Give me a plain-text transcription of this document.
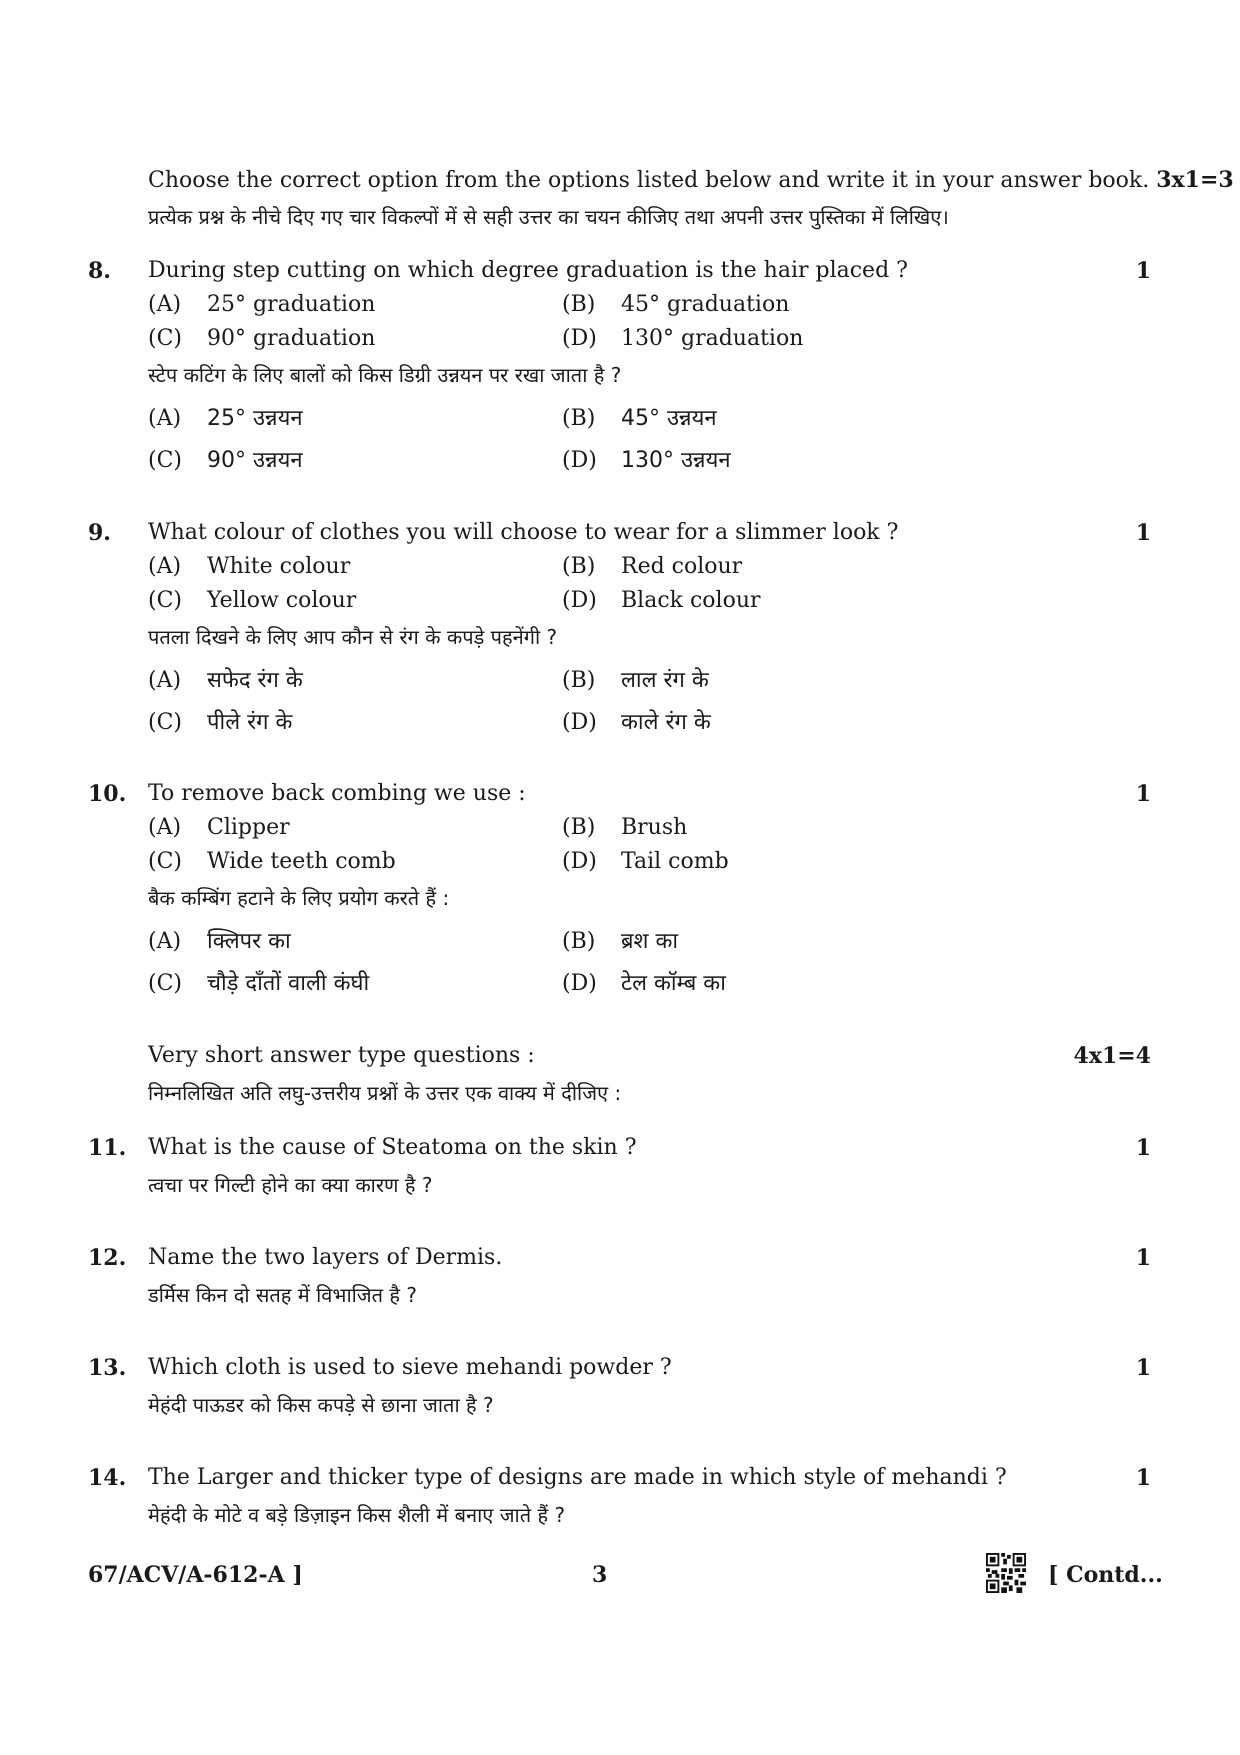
Choose the correct option from the options listed below and write it in your answer book. 3x1=3
प्रत्येक प्रश्न के नीचे दिए गए चार विकल्पों में से सही उत्तर का चयन कीजिए तथा अपनी उत्तर पुस्तिका में लिखिए।
8. During step cutting on which degree graduation is the hair placed ?	1
(A) 25° graduation	(B) 45° graduation
(C) 90° graduation	(D) 130° graduation
स्टेप कटिंग के लिए बालों को किस डिग्री उन्नयन पर रखा जाता है ?
(A) 25° उन्नयन	(B) 45° उन्नयन
(C) 90° उन्नयन	(D) 130° उन्नयन
9. What colour of clothes you will choose to wear for a slimmer look ?	1
(A) White colour	(B) Red colour
(C) Yellow colour	(D) Black colour
पतला दिखने के लिए आप कौन से रंग के कपड़े पहनेंगी ?
(A) सफेद रंग के	(B) लाल रंग के
(C) पीले रंग के	(D) काले रंग के
10. To remove back combing we use :	1
(A) Clipper	(B) Brush
(C) Wide teeth comb	(D) Tail comb
बैक कम्बिंग हटाने के लिए प्रयोग करते हैं :
(A) क्लिपर का	(B) ब्रश का
(C) चौड़े दाँतों वाली कंघी	(D) टेल कॉम्ब का
Very short answer type questions :	4x1=4
निम्नलिखित अति लघु-उत्तरीय प्रश्नों के उत्तर एक वाक्य में दीजिए :
11. What is the cause of Steatoma on the skin ?	1
त्वचा पर गिल्टी होने का क्या कारण है ?
12. Name the two layers of Dermis.	1
डर्मिस किन दो सतह में विभाजित है ?
13. Which cloth is used to sieve mehandi powder ?	1
मेहंदी पाऊडर को किस कपड़े से छाना जाता है ?
14. The Larger and thicker type of designs are made in which style of mehandi ?	1
मेहंदी के मोटे व बड़े डिज़ाइन किस शैली में बनाए जाते हैं ?
67/ACV/A-612-A ]	3	[ Contd...
